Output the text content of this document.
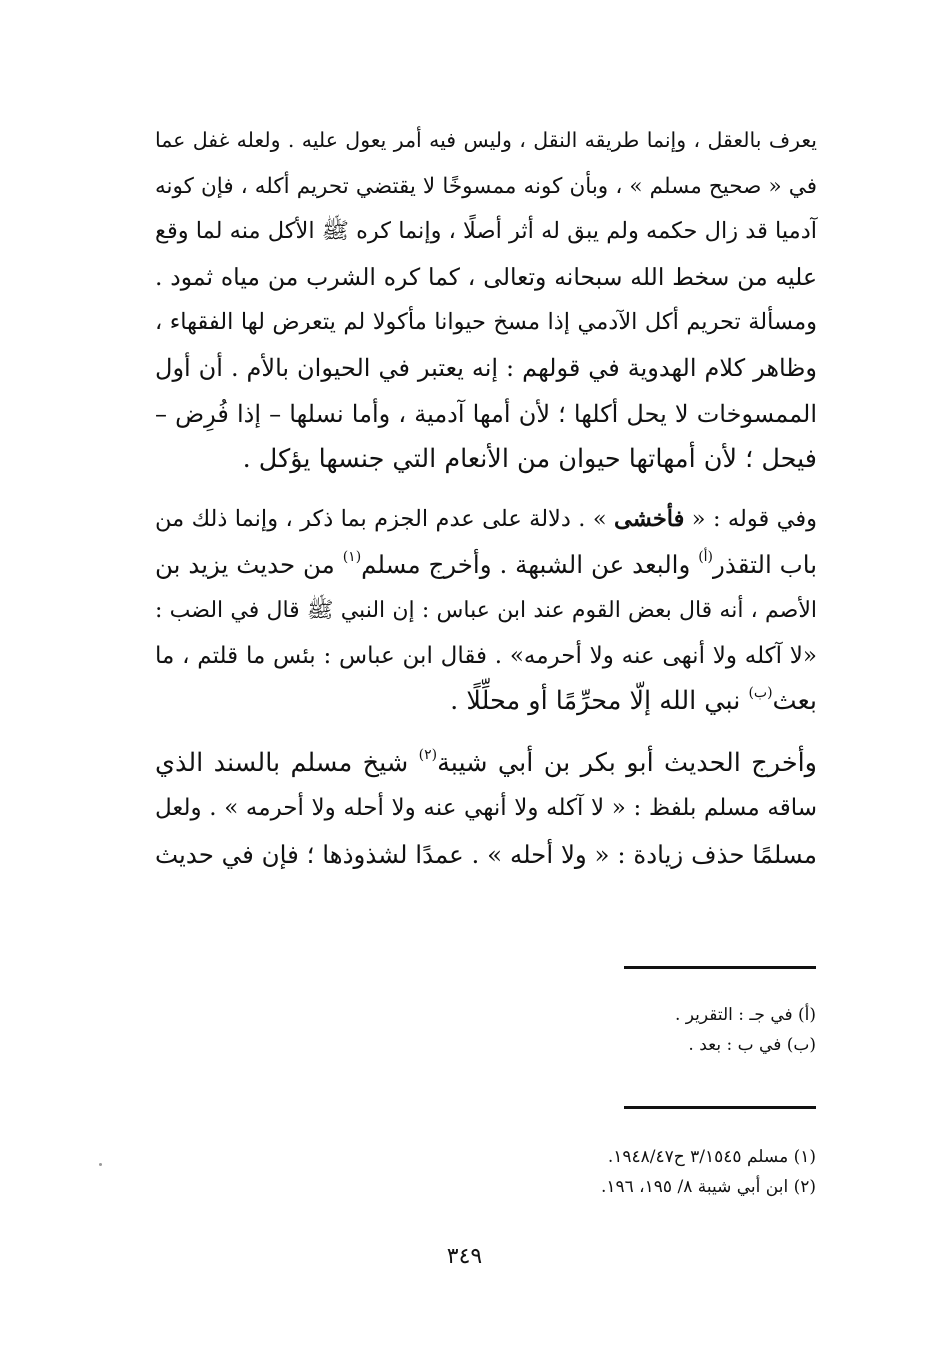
يعرف بالعقل ، وإنما طريقه النقل ، وليس فيه أمر يعول عليه . ولعله غفل عما
في « صحيح مسلم » ، وبأن كونه ممسوخًا لا يقتضي تحريم أكله ، فإن كونه
آدميا قد زال حكمه ولم يبق له أثر أصلًا ، وإنما كره ﷺ الأكل منه لما وقع
عليه من سخط الله سبحانه وتعالى ، كما كره الشرب من مياه ثمود .
ومسألة تحريم أكل الآدمي إذا مسخ حيوانا مأكولا لم يتعرض لها الفقهاء ،
وظاهر كلام الهدوية في قولهم : إنه يعتبر في الحيوان بالأم . أن أول
الممسوخات لا يحل أكلها ؛ لأن أمها آدمية ، وأما نسلها – إذا فُرِض –
فيحل ؛ لأن أمهاتها حيوان من الأنعام التي جنسها يؤكل .

وفي قوله : « فأخشى » . دلالة على عدم الجزم بما ذكر ، وإنما ذلك من
باب التقذر$^{(أ)}$ والبعد عن الشبهة . وأخرج مسلم$^{(١)}$ من حديث يزيد بن
الأصم ، أنه قال بعض القوم عند ابن عباس : إن النبي ﷺ قال في الضب :
«لا آكله ولا أنهى عنه ولا أحرمه» . فقال ابن عباس : بئس ما قلتم ، ما
بعث$^{(ب)}$ نبي الله إلّا محرِّمًا أو محلِّلًا .

وأخرج الحديث أبو بكر بن أبي شيبة$^{(٢)}$ شيخ مسلم بالسند الذي
ساقه مسلم بلفظ : « لا آكله ولا أنهي عنه ولا أحله ولا أحرمه » . ولعل
مسلمًا حذف زيادة : « ولا أحله » . عمدًا لشذوذها ؛ فإن في حديث

(أ) في جـ : التقرير .
(ب) في ب : بعد .
(١) مسلم ٣/١٥٤٥ ح١٩٤٨/٤٧.
(٢) ابن أبي شيبة ٨/ ١٩٥، ١٩٦.
٣٤٩
